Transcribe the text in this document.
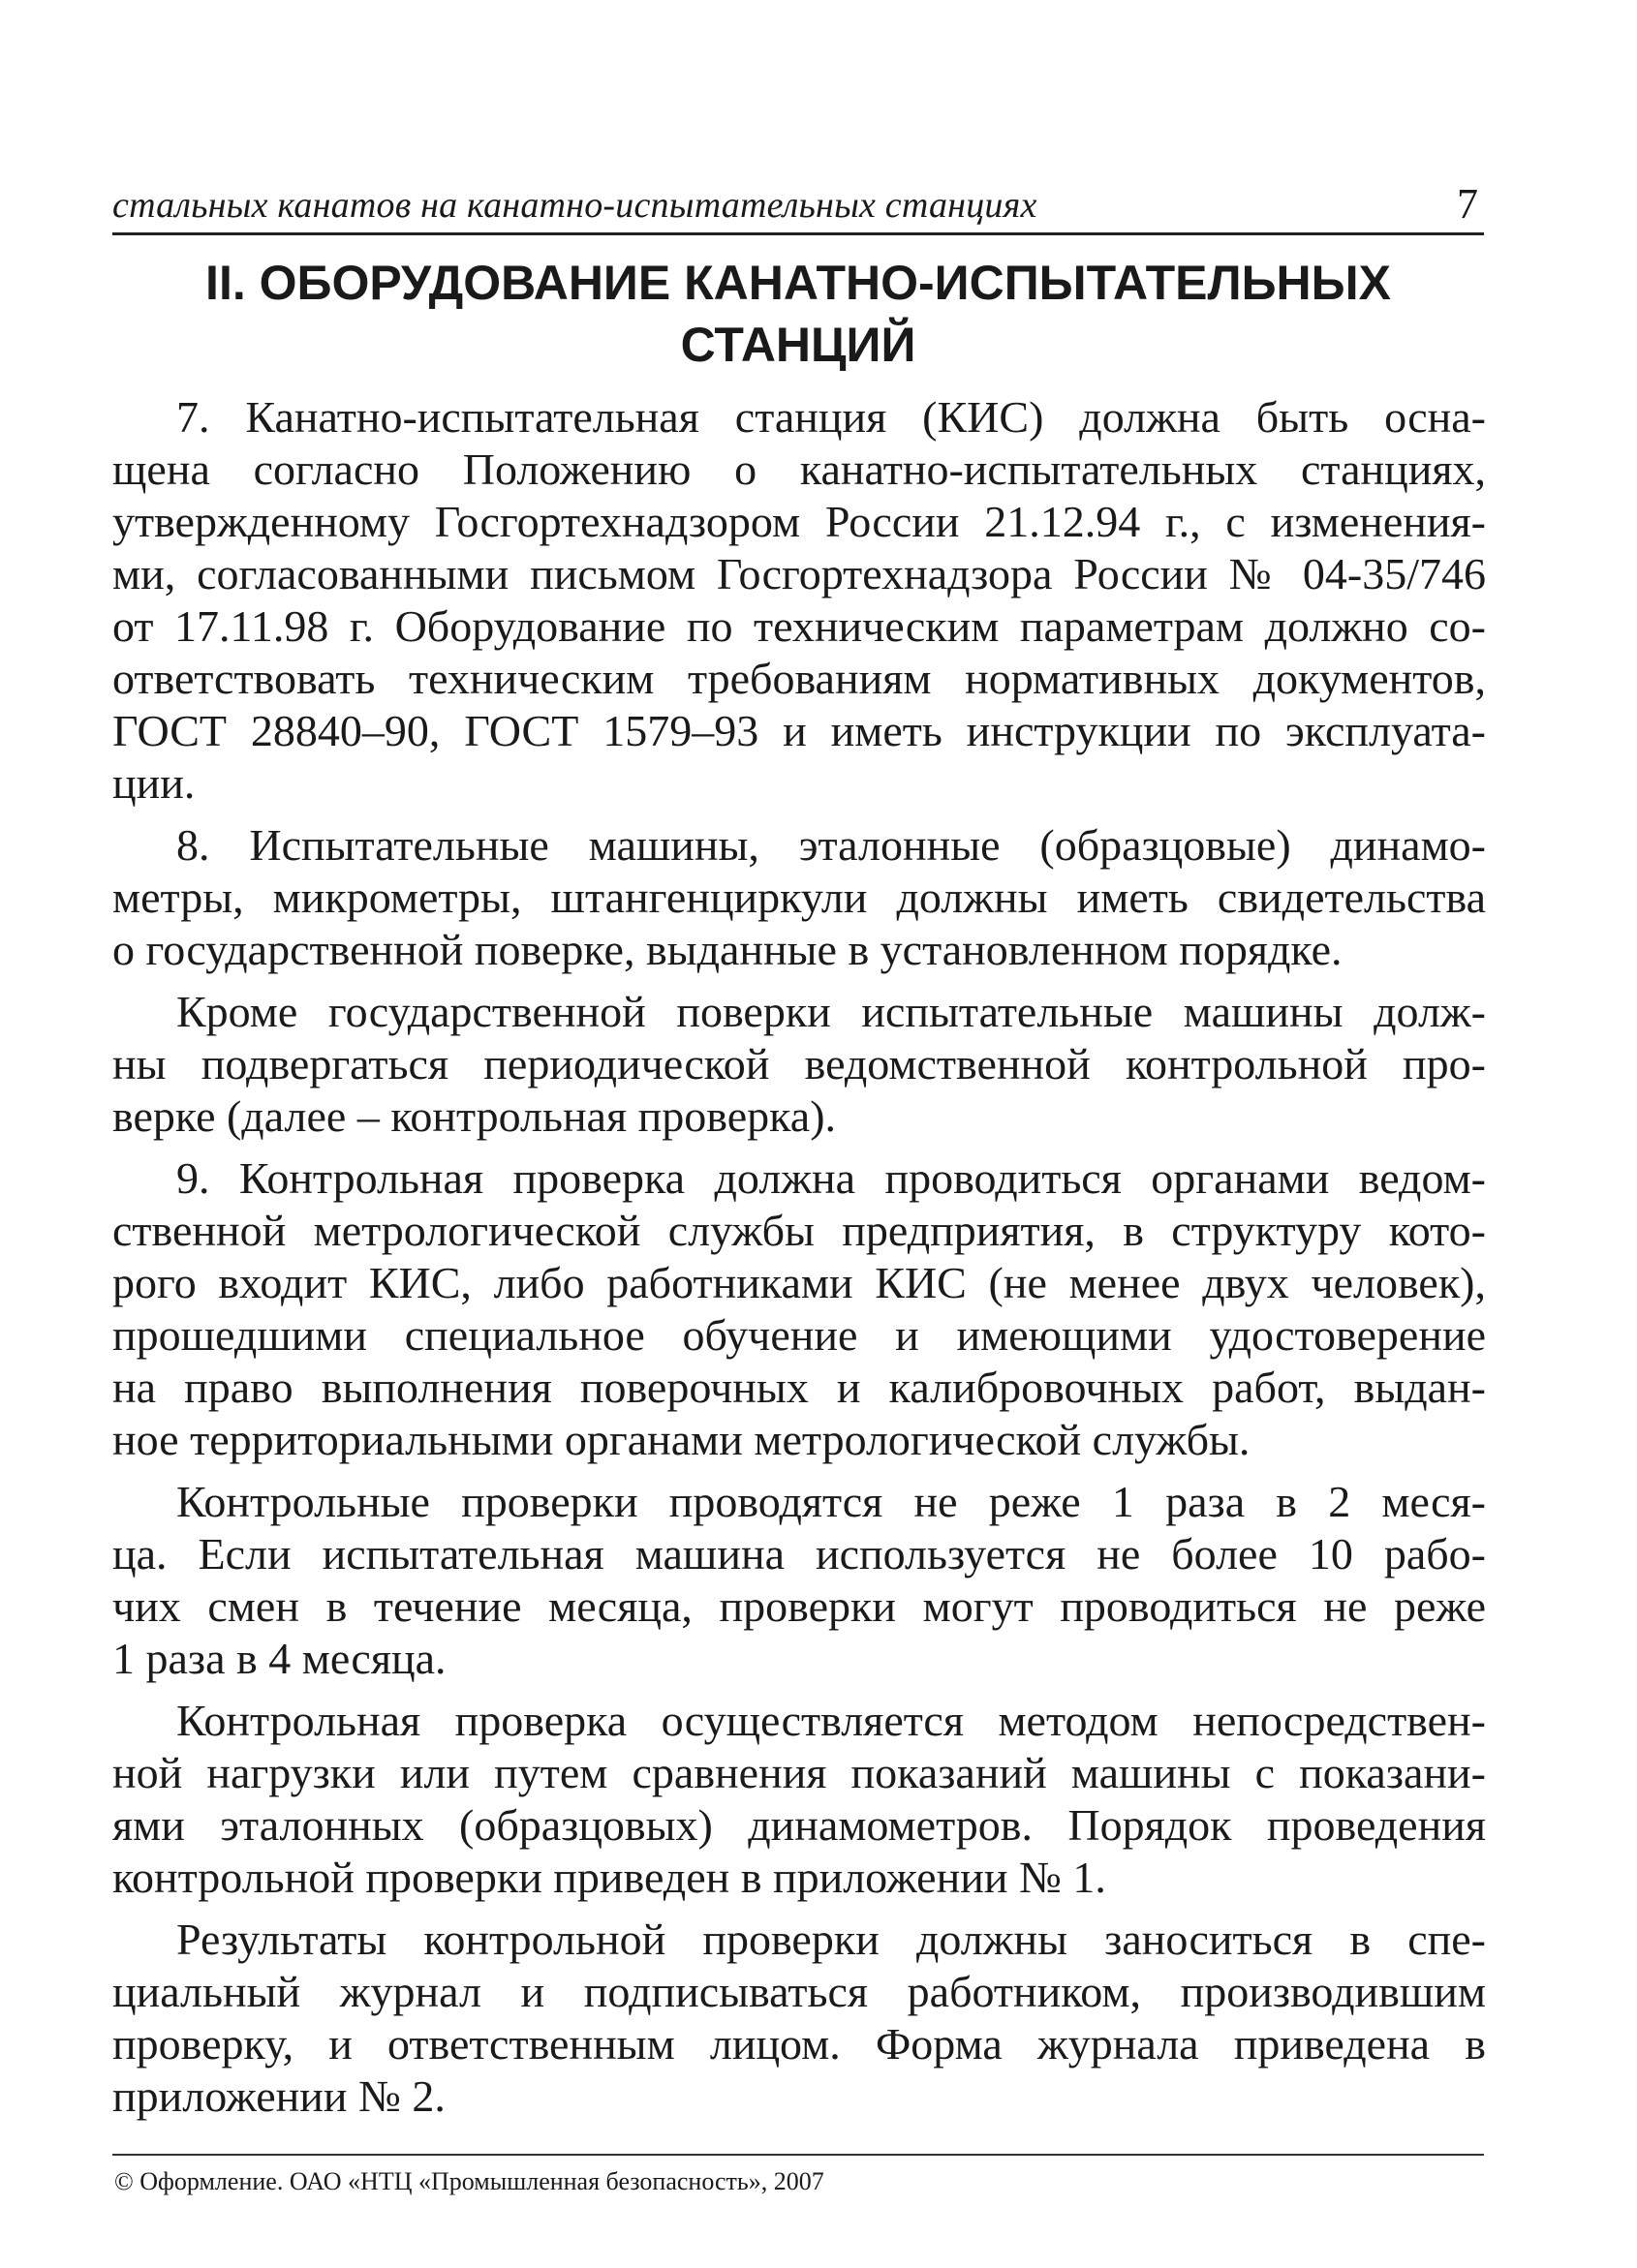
стальных канатов на канатно-испытательных станциях	7
II. ОБОРУДОВАНИЕ КАНАТНО-ИСПЫТАТЕЛЬНЫХ
СТАНЦИЙ
7. Канатно-испытательная станция (КИС) должна быть осна-
щена согласно Положению о канатно-испытательных станциях,
утвержденному Госгортехнадзором России 21.12.94 г., с изменения-
ми, согласованными письмом Госгортехнадзора России № 04-35/746
от 17.11.98 г. Оборудование по техническим параметрам должно со-
ответствовать техническим требованиям нормативных документов,
ГОСТ 28840–90, ГОСТ 1579–93 и иметь инструкции по эксплуата-
ции.
8. Испытательные машины, эталонные (образцовые) динамо-
метры, микрометры, штангенциркули должны иметь свидетельства
о государственной поверке, выданные в установленном порядке.
Кроме государственной поверки испытательные машины долж-
ны подвергаться периодической ведомственной контрольной про-
верке (далее – контрольная проверка).
9. Контрольная проверка должна проводиться органами ведом-
ственной метрологической службы предприятия, в структуру кото-
рого входит КИС, либо работниками КИС (не менее двух человек),
прошедшими специальное обучение и имеющими удостоверение
на право выполнения поверочных и калибровочных работ, выдан-
ное территориальными органами метрологической службы.
Контрольные проверки проводятся не реже 1 раза в 2 меся-
ца. Если испытательная машина используется не более 10 рабо-
чих смен в течение месяца, проверки могут проводиться не реже
1 раза в 4 месяца.
Контрольная проверка осуществляется методом непосредствен-
ной нагрузки или путем сравнения показаний машины с показани-
ями эталонных (образцовых) динамометров. Порядок проведения
контрольной проверки приведен в приложении № 1.
Результаты контрольной проверки должны заноситься в спе-
циальный журнал и подписываться работником, производившим
проверку, и ответственным лицом. Форма журнала приведена в
приложении № 2.
© Оформление. ОАО «НТЦ «Промышленная безопасность», 2007
